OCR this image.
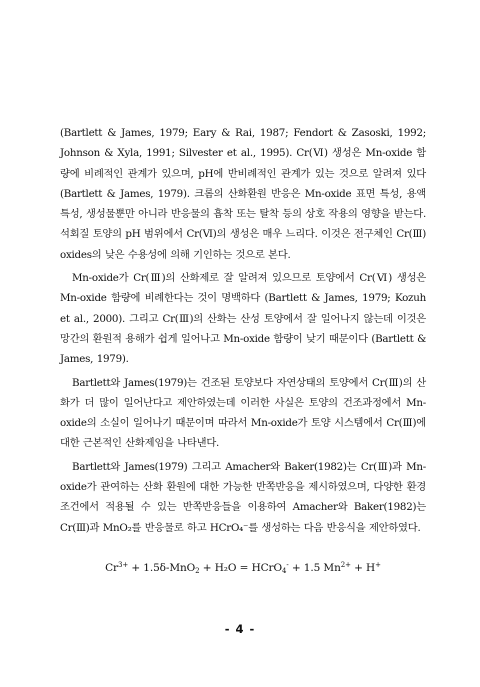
(Bartlett & James, 1979; Eary & Rai, 1987; Fendort & Zasoski, 1992; Johnson & Xyla, 1991; Silvester et al., 1995). Cr(Ⅵ) 생성은 Mn-oxide 함량에 비례적인 관계가 있으며, pH에 반비례적인 관계가 있는 것으로 알려져 있다 (Bartlett & James, 1979). 크롬의 산화환원 반응은 Mn-oxide 표면 특성, 용액 특성, 생성물뿐만 아니라 반응물의 흡착 또는 탈착 등의 상호 작용의 영향을 받는다. 석회질 토양의 pH 범위에서 Cr(Ⅵ)의 생성은 매우 느리다. 이것은 전구체인 Cr(Ⅲ) oxides의 낮은 수용성에 의해 기인하는 것으로 본다.

Mn-oxide가 Cr(Ⅲ)의 산화제로 잘 알려져 있으므로 토양에서 Cr(Ⅵ) 생성은 Mn-oxide 함량에 비례한다는 것이 명백하다 (Bartlett & James, 1979; Kozuh et al., 2000). 그리고 Cr(Ⅲ)의 산화는 산성 토양에서 잘 일어나지 않는데 이것은 망간의 환원적 용해가 쉽게 일어나고 Mn-oxide 함량이 낮기 때문이다 (Bartlett & James, 1979).

Bartlett와 James(1979)는 건조된 토양보다 자연상태의 토양에서 Cr(Ⅲ)의 산화가 더 많이 일어난다고 제안하였는데 이러한 사실은 토양의 건조과정에서 Mn-oxide의 소실이 일어나기 때문이며 따라서 Mn-oxide가 토양 시스템에서 Cr(Ⅲ)에 대한 근본적인 산화제임을 나타낸다.

Bartlett와 James(1979) 그리고 Amacher와 Baker(1982)는 Cr(Ⅲ)과 Mn-oxide가 관여하는 산화 환원에 대한 가능한 반쪽반응을 제시하였으며, 다양한 환경조건에서 적용될 수 있는 반쪽반응들을 이용하여 Amacher와 Baker(1982)는 Cr(Ⅲ)과 MnO₂를 반응물로 하고 HCrO₄⁻를 생성하는 다음 반응식을 제안하였다.

$Cr^{3+} + 1.5\delta-MnO_2 + H_2O$ = HCrO$_4$- + 1.5 $Mn^{2+} + H^+$
- 4 -
